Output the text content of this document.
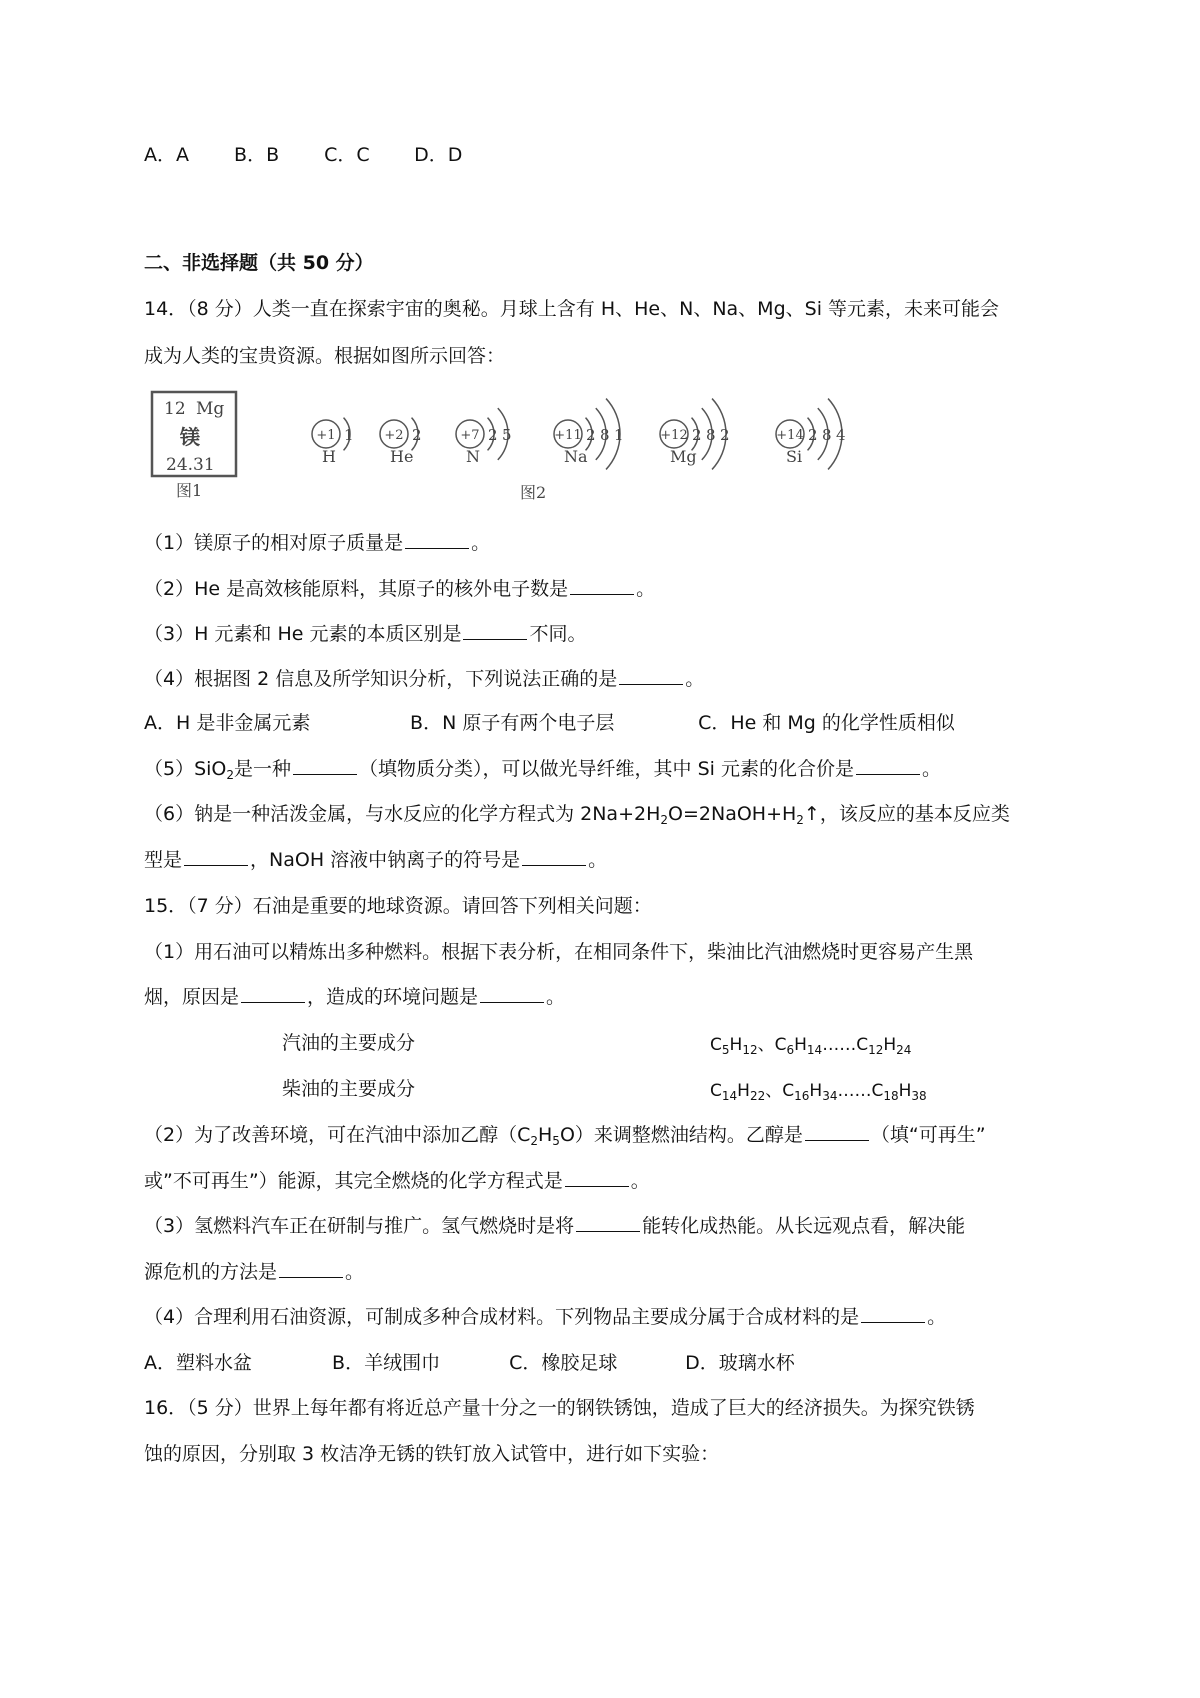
A．A B．B C．C D．D
二、非选择题（共 50 分）
14．（8 分）人类一直在探索宇宙的奥秘。月球上含有 H、He、N、Na、Mg、Si 等元素，未来可能会
成为人类的宝贵资源。根据如图所示回答：
12 Mg
镁
24.31
图1
+1 1
H
+2 2
He
+7 2 5
N
+11 2 8 1
Na
+12 2 8 2
Mg
+14 2 8 4
Si
图2
（1）镁原子的相对原子质量是	。
（2）He 是高效核能原料，其原子的核外电子数是	。
（3）H 元素和 He 元素的本质区别是	不同。
（4）根据图 2 信息及所学知识分析，下列说法正确的是	。
A．H 是非金属元素	B．N 原子有两个电子层	C．He 和 Mg 的化学性质相似
（5）SiO$_2$是一种	（填物质分类），可以做光导纤维，其中 Si 元素的化合价是	。
（6）钠是一种活泼金属，与水反应的化学方程式为 $2Na+2H_2O=2NaOH+H_2↑$，该反应的基本反应类
型是	，NaOH 溶液中钠离子的符号是	。
15．（7 分）石油是重要的地球资源。请回答下列相关问题：
（1）用石油可以精炼出多种燃料。根据下表分析，在相同条件下，柴油比汽油燃烧时更容易产生黑
烟，原因是	，造成的环境问题是	。
汽油的主要成分	$C_5H_{12}$、$C_6H_{14}\dots\dots C_{12}H_{24}$
柴油的主要成分	$C_{14}H_{22}$、$C_{16}H_{34}\dots\dots C_{18}H_{38}$
（2）为了改善环境，可在汽油中添加乙醇$(C_2H_5O)$来调整燃油结构。乙醇是	（填“可再生”
或”不可再生”）能源，其完全燃烧的化学方程式是	。
（3）氢燃料汽车正在研制与推广。氢气燃烧时是将	能转化成热能。从长远观点看，解决能
源危机的方法是	。
（4）合理利用石油资源，可制成多种合成材料。下列物品主要成分属于合成材料的是	。
A．塑料水盆	B．羊绒围巾	C．橡胶足球	D．玻璃水杯
16．（5 分）世界上每年都有将近总产量十分之一的钢铁锈蚀，造成了巨大的经济损失。为探究铁锈
蚀的原因，分别取 3 枚洁净无锈的铁钉放入试管中，进行如下实验：
